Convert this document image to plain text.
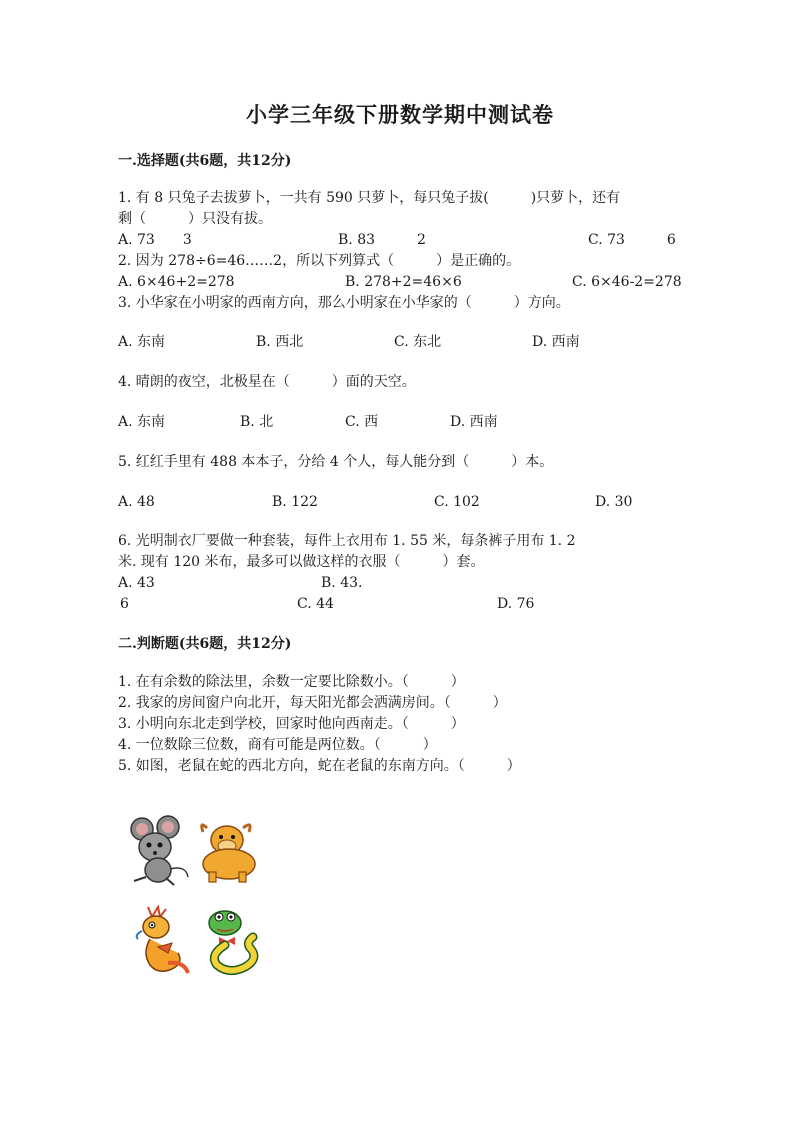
小学三年级下册数学期中测试卷
一.选择题(共6题，共12分)
1. 有 8 只兔子去拔萝卜，一共有 590 只萝卜，每只兔子拔(　　　)只萝卜，还有
剩（　　　）只没有拔。
A. 73　　3	B. 83　　　2	C. 73　　　6
2. 因为 278÷6=46……2，所以下列算式（　　　）是正确的。
A. 6×46+2=278	B. 278+2=46×6	C. 6×46-2=278
3. 小华家在小明家的西南方向，那么小明家在小华家的（　　　）方向。
A. 东南	B. 西北	C. 东北	D. 西南
4. 晴朗的夜空，北极星在（　　　）面的天空。
A. 东南	B. 北	C. 西	D. 西南
5. 红红手里有 488 本本子，分给 4 个人，每人能分到（　　　）本。
A. 48	B. 122	C. 102	D. 30
6. 光明制衣厂要做一种套装，每件上衣用布 1. 55 米，每条裤子用布 1. 2
米. 现有 120 米布，最多可以做这样的衣服（　　　）套。
A. 43	B. 43.
6	C. 44	D. 76
二.判断题(共6题，共12分)
1. 在有余数的除法里，余数一定要比除数小。（　　　）
2. 我家的房间窗户向北开，每天阳光都会洒满房间。（　　　）
3. 小明向东北走到学校，回家时他向西南走。（　　　）
4. 一位数除三位数，商有可能是两位数。（　　　）
5. 如图，老鼠在蛇的西北方向，蛇在老鼠的东南方向。（　　　）
